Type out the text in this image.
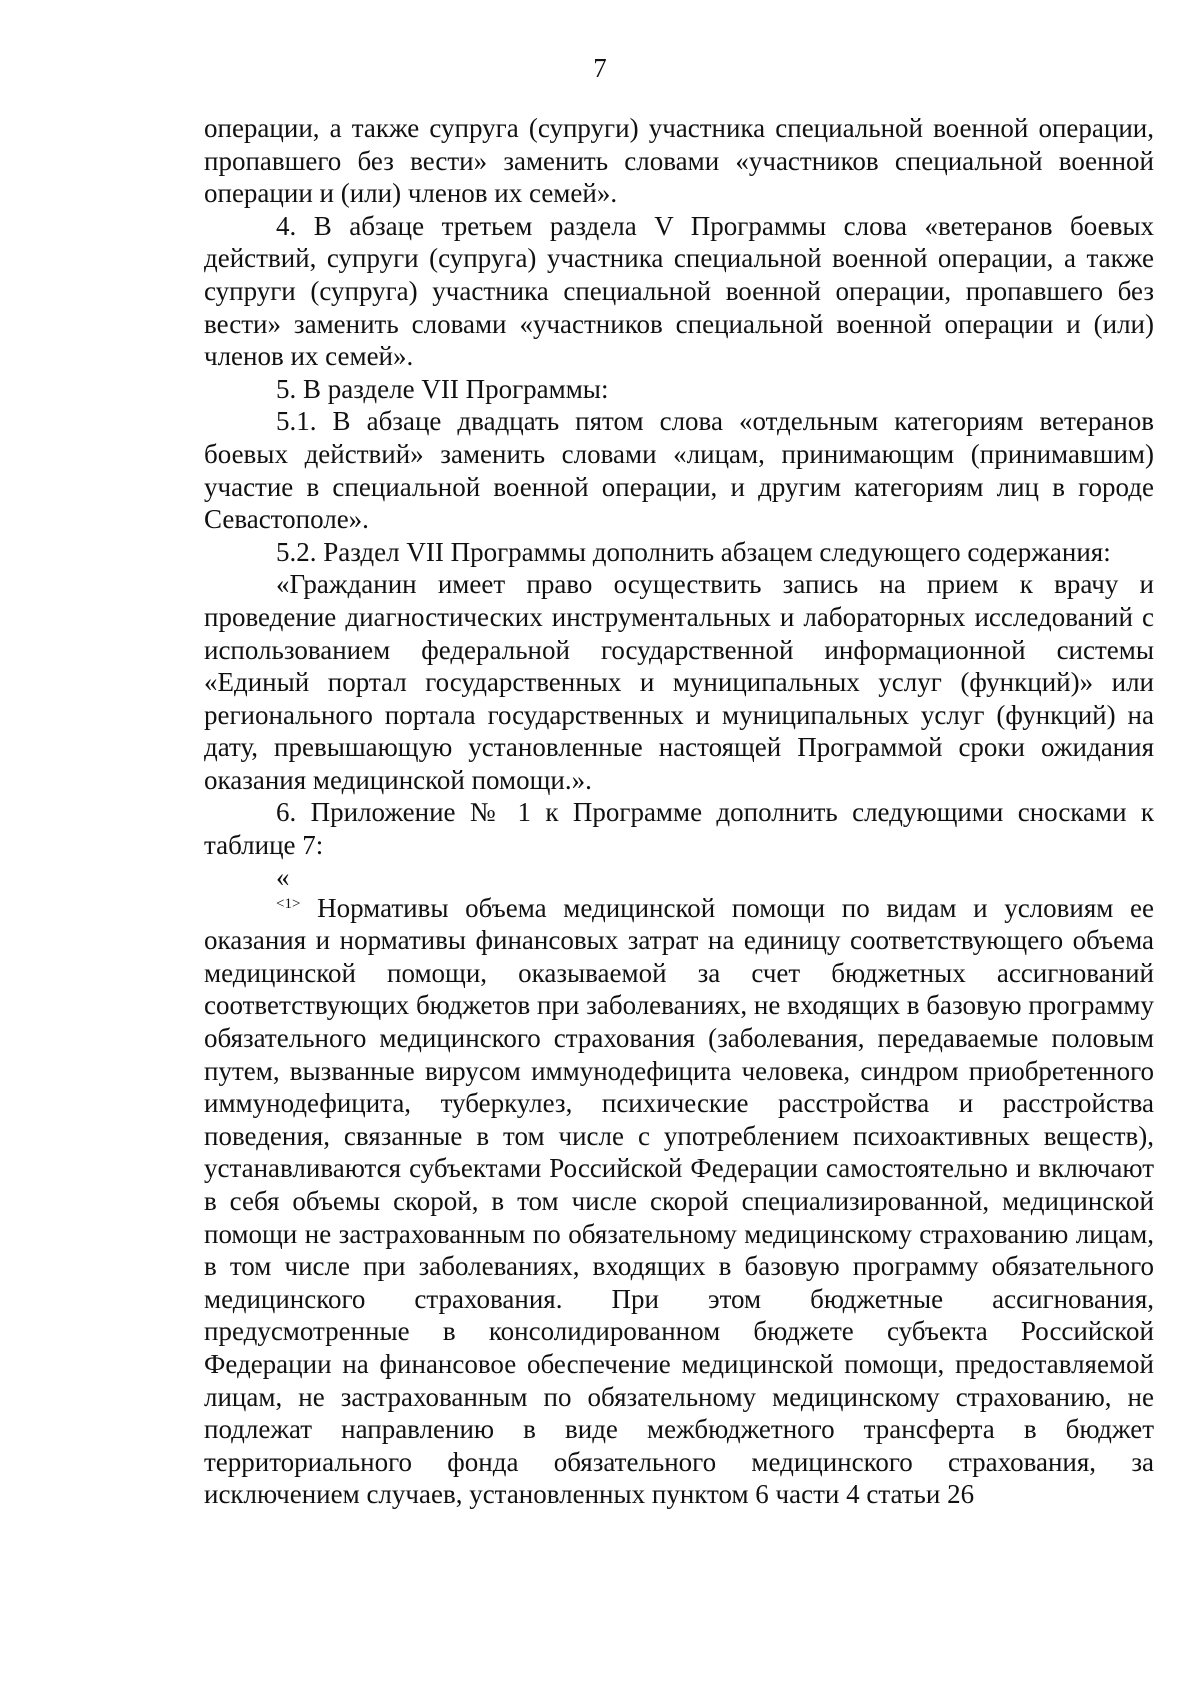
7

операции, а также супруга (супруги) участника специальной военной операции, пропавшего без вести» заменить словами «участников специальной военной операции и (или) членов их семей».

4. В абзаце третьем раздела V Программы слова «ветеранов боевых действий, супруги (супруга) участника специальной военной операции, а также супруги (супруга) участника специальной военной операции, пропавшего без вести» заменить словами «участников специальной военной операции и (или) членов их семей».

5. В разделе VII Программы:

5.1. В абзаце двадцать пятом слова «отдельным категориям ветеранов боевых действий» заменить словами «лицам, принимающим (принимавшим) участие в специальной военной операции, и другим категориям лиц в городе Севастополе».

5.2. Раздел VII Программы дополнить абзацем следующего содержания:

«Гражданин имеет право осуществить запись на прием к врачу и проведение диагностических инструментальных и лабораторных исследований с использованием федеральной государственной информационной системы «Единый портал государственных и муниципальных услуг (функций)» или регионального портала государственных и муниципальных услуг (функций) на дату, превышающую установленные настоящей Программой сроки ожидания оказания медицинской помощи.».

6. Приложение № 1 к Программе дополнить следующими сносками к таблице 7:

«

$^{<1>}$ Нормативы объема медицинской помощи по видам и условиям ее оказания и нормативы финансовых затрат на единицу соответствующего объема медицинской помощи, оказываемой за счет бюджетных ассигнований соответствующих бюджетов при заболеваниях, не входящих в базовую программу обязательного медицинского страхования (заболевания, передаваемые половым путем, вызванные вирусом иммунодефицита человека, синдром приобретенного иммунодефицита, туберкулез, психические расстройства и расстройства поведения, связанные в том числе с употреблением психоактивных веществ), устанавливаются субъектами Российской Федерации самостоятельно и включают в себя объемы скорой, в том числе скорой специализированной, медицинской помощи не застрахованным по обязательному медицинскому страхованию лицам, в том числе при заболеваниях, входящих в базовую программу обязательного медицинского страхования. При этом бюджетные ассигнования, предусмотренные в консолидированном бюджете субъекта Российской Федерации на финансовое обеспечение медицинской помощи, предоставляемой лицам, не застрахованным по обязательному медицинскому страхованию, не подлежат направлению в виде межбюджетного трансферта в бюджет территориального фонда обязательного медицинского страхования, за исключением случаев, установленных пунктом 6 части 4 статьи 26
